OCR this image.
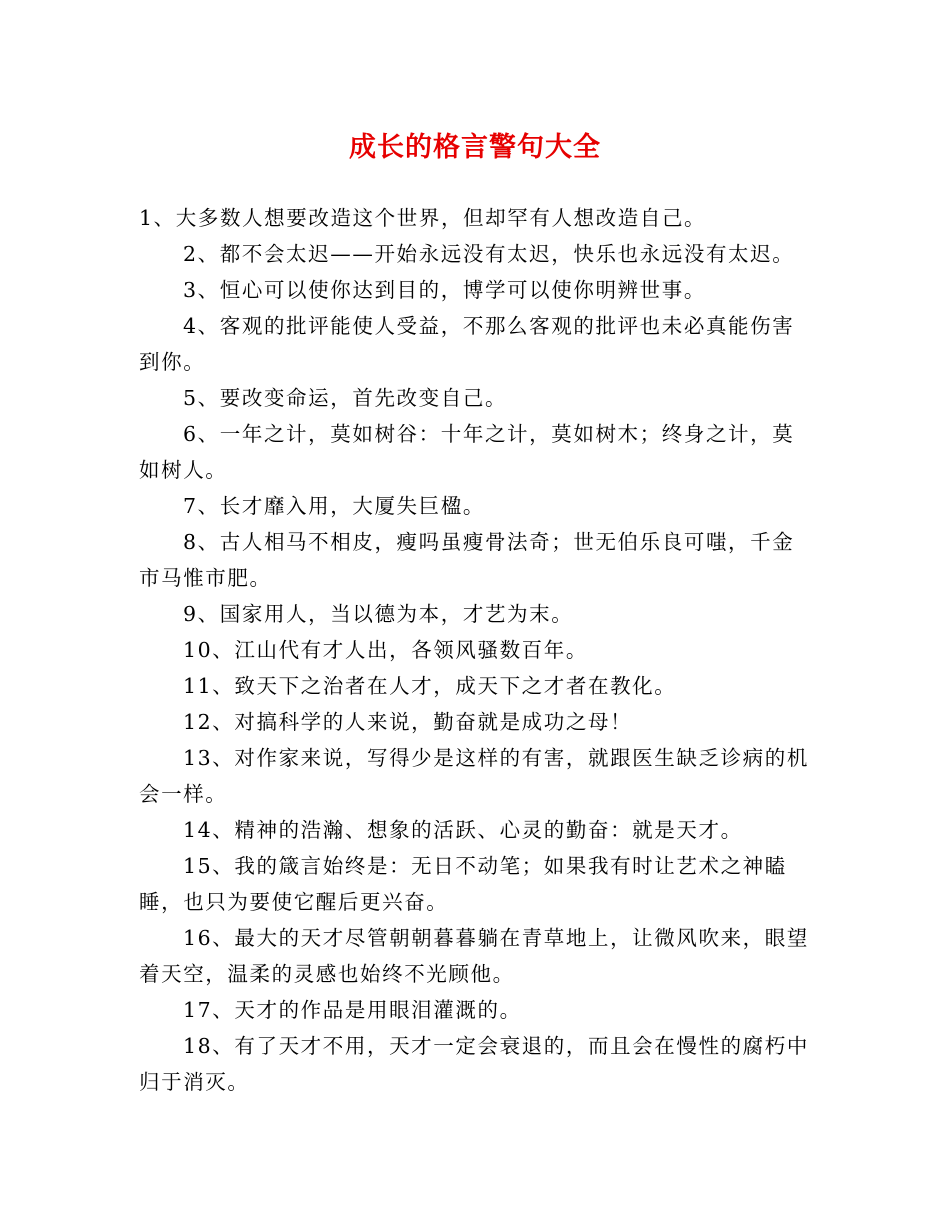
成长的格言警句大全

1、大多数人想要改造这个世界，但却罕有人想改造自己。

2、都不会太迟——开始永远没有太迟，快乐也永远没有太迟。

3、恒心可以使你达到目的，博学可以使你明辨世事。

4、客观的批评能使人受益，不那么客观的批评也未必真能伤害到你。

5、要改变命运，首先改变自己。

6、一年之计，莫如树谷：十年之计，莫如树木；终身之计，莫如树人。

7、长才靡入用，大厦失巨楹。

8、古人相马不相皮，瘦吗虽瘦骨法奇；世无伯乐良可嗤，千金市马惟市肥。

9、国家用人，当以德为本，才艺为末。

10、江山代有才人出，各领风骚数百年。

11、致天下之治者在人才，成天下之才者在教化。

12、对搞科学的人来说，勤奋就是成功之母！

13、对作家来说，写得少是这样的有害，就跟医生缺乏诊病的机会一样。

14、精神的浩瀚、想象的活跃、心灵的勤奋：就是天才。

15、我的箴言始终是：无日不动笔；如果我有时让艺术之神瞌睡，也只为要使它醒后更兴奋。

16、最大的天才尽管朝朝暮暮躺在青草地上，让微风吹来，眼望着天空，温柔的灵感也始终不光顾他。

17、天才的作品是用眼泪灌溉的。

18、有了天才不用，天才一定会衰退的，而且会在慢性的腐朽中归于消灭。
